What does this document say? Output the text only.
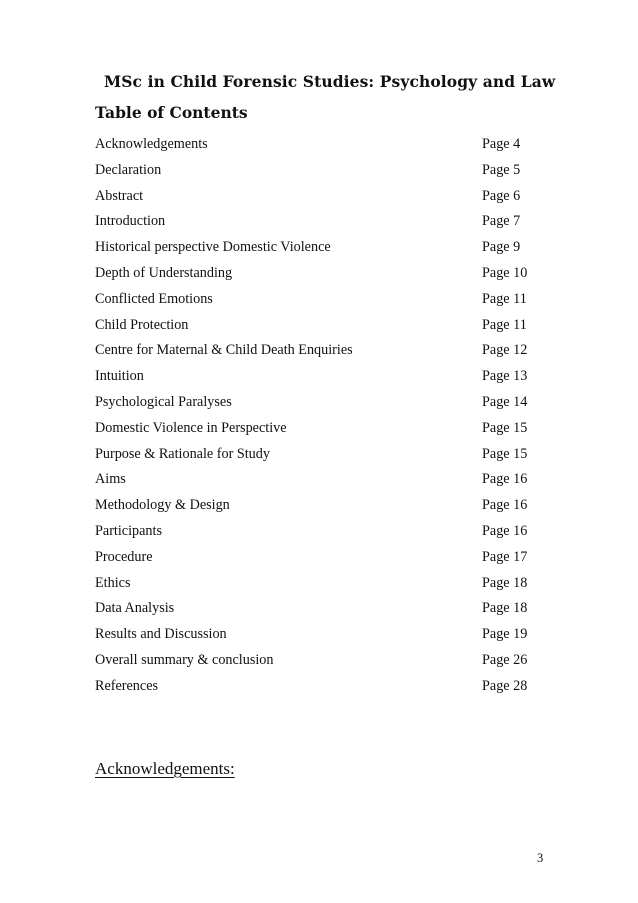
MSc in Child Forensic Studies: Psychology and Law
Table of Contents
Acknowledgements	Page 4
Declaration	Page 5
Abstract	Page 6
Introduction	Page 7
Historical perspective Domestic Violence	Page 9
Depth of Understanding	Page 10
Conflicted Emotions	Page 11
Child Protection	Page 11
Centre for Maternal & Child Death Enquiries	Page 12
Intuition	Page 13
Psychological Paralyses	Page 14
Domestic Violence in Perspective	Page 15
Purpose & Rationale for Study	Page 15
Aims	Page 16
Methodology & Design	Page 16
Participants	Page 16
Procedure	Page 17
Ethics	Page 18
Data Analysis	Page 18
Results and Discussion	Page 19
Overall summary & conclusion	Page 26
References	Page 28
Acknowledgements:
3
